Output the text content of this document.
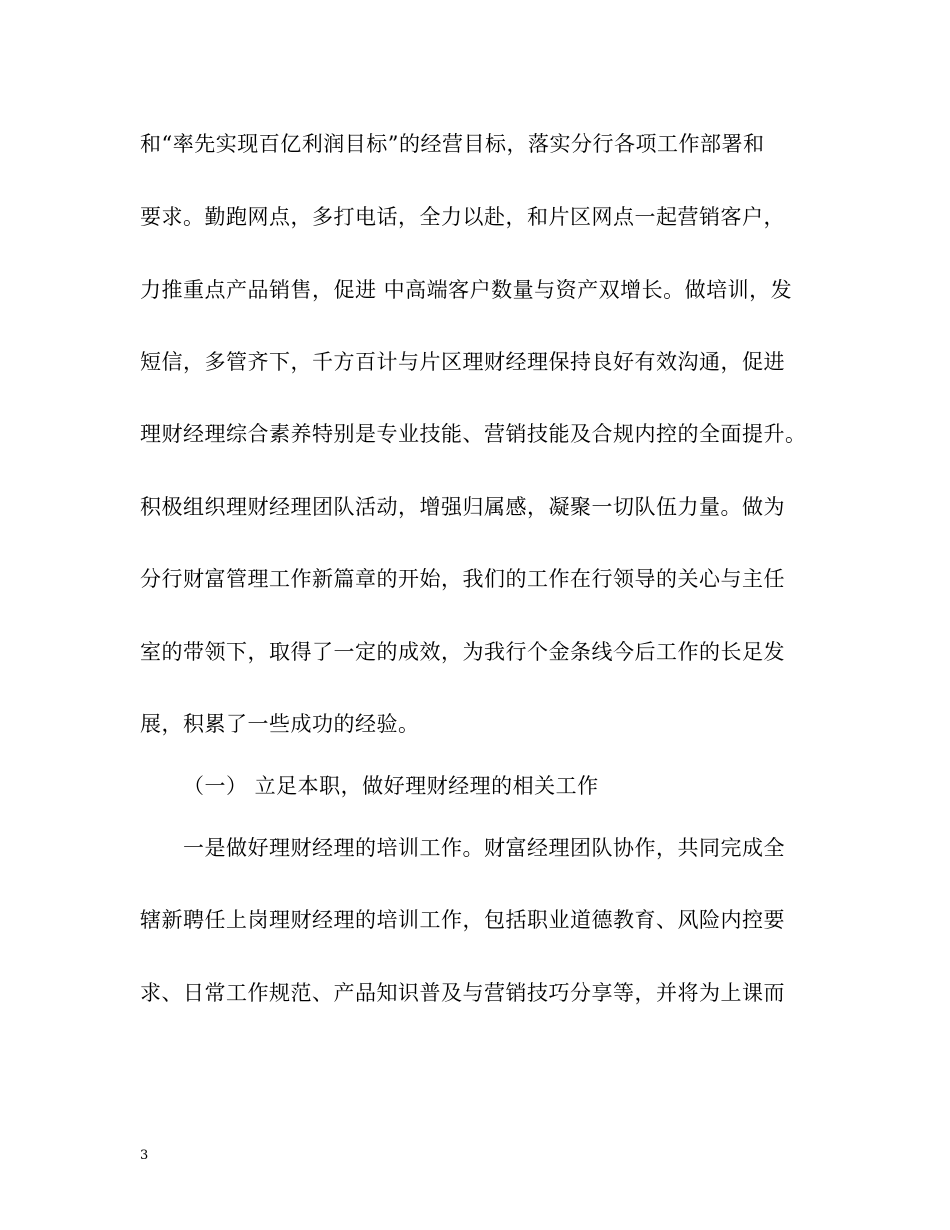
和“率先实现百亿利润目标”的经营目标，落实分行各项工作部署和
要求。勤跑网点，多打电话，全力以赴，和片区网点一起营销客户，
力推重点产品销售，促进 中高端客户数量与资产双增长。做培训，发
短信，多管齐下，千方百计与片区理财经理保持良好有效沟通，促进
理财经理综合素养特别是专业技能、营销技能及合规内控的全面提升。
积极组织理财经理团队活动，增强归属感，凝聚一切队伍力量。做为
分行财富管理工作新篇章的开始，我们的工作在行领导的关心与主任
室的带领下，取得了一定的成效，为我行个金条线今后工作的长足发
展，积累了一些成功的经验。
（一） 立足本职，做好理财经理的相关工作
一是做好理财经理的培训工作。财富经理团队协作，共同完成全
辖新聘任上岗理财经理的培训工作，包括职业道德教育、风险内控要
求、日常工作规范、产品知识普及与营销技巧分享等，并将为上课而
3
